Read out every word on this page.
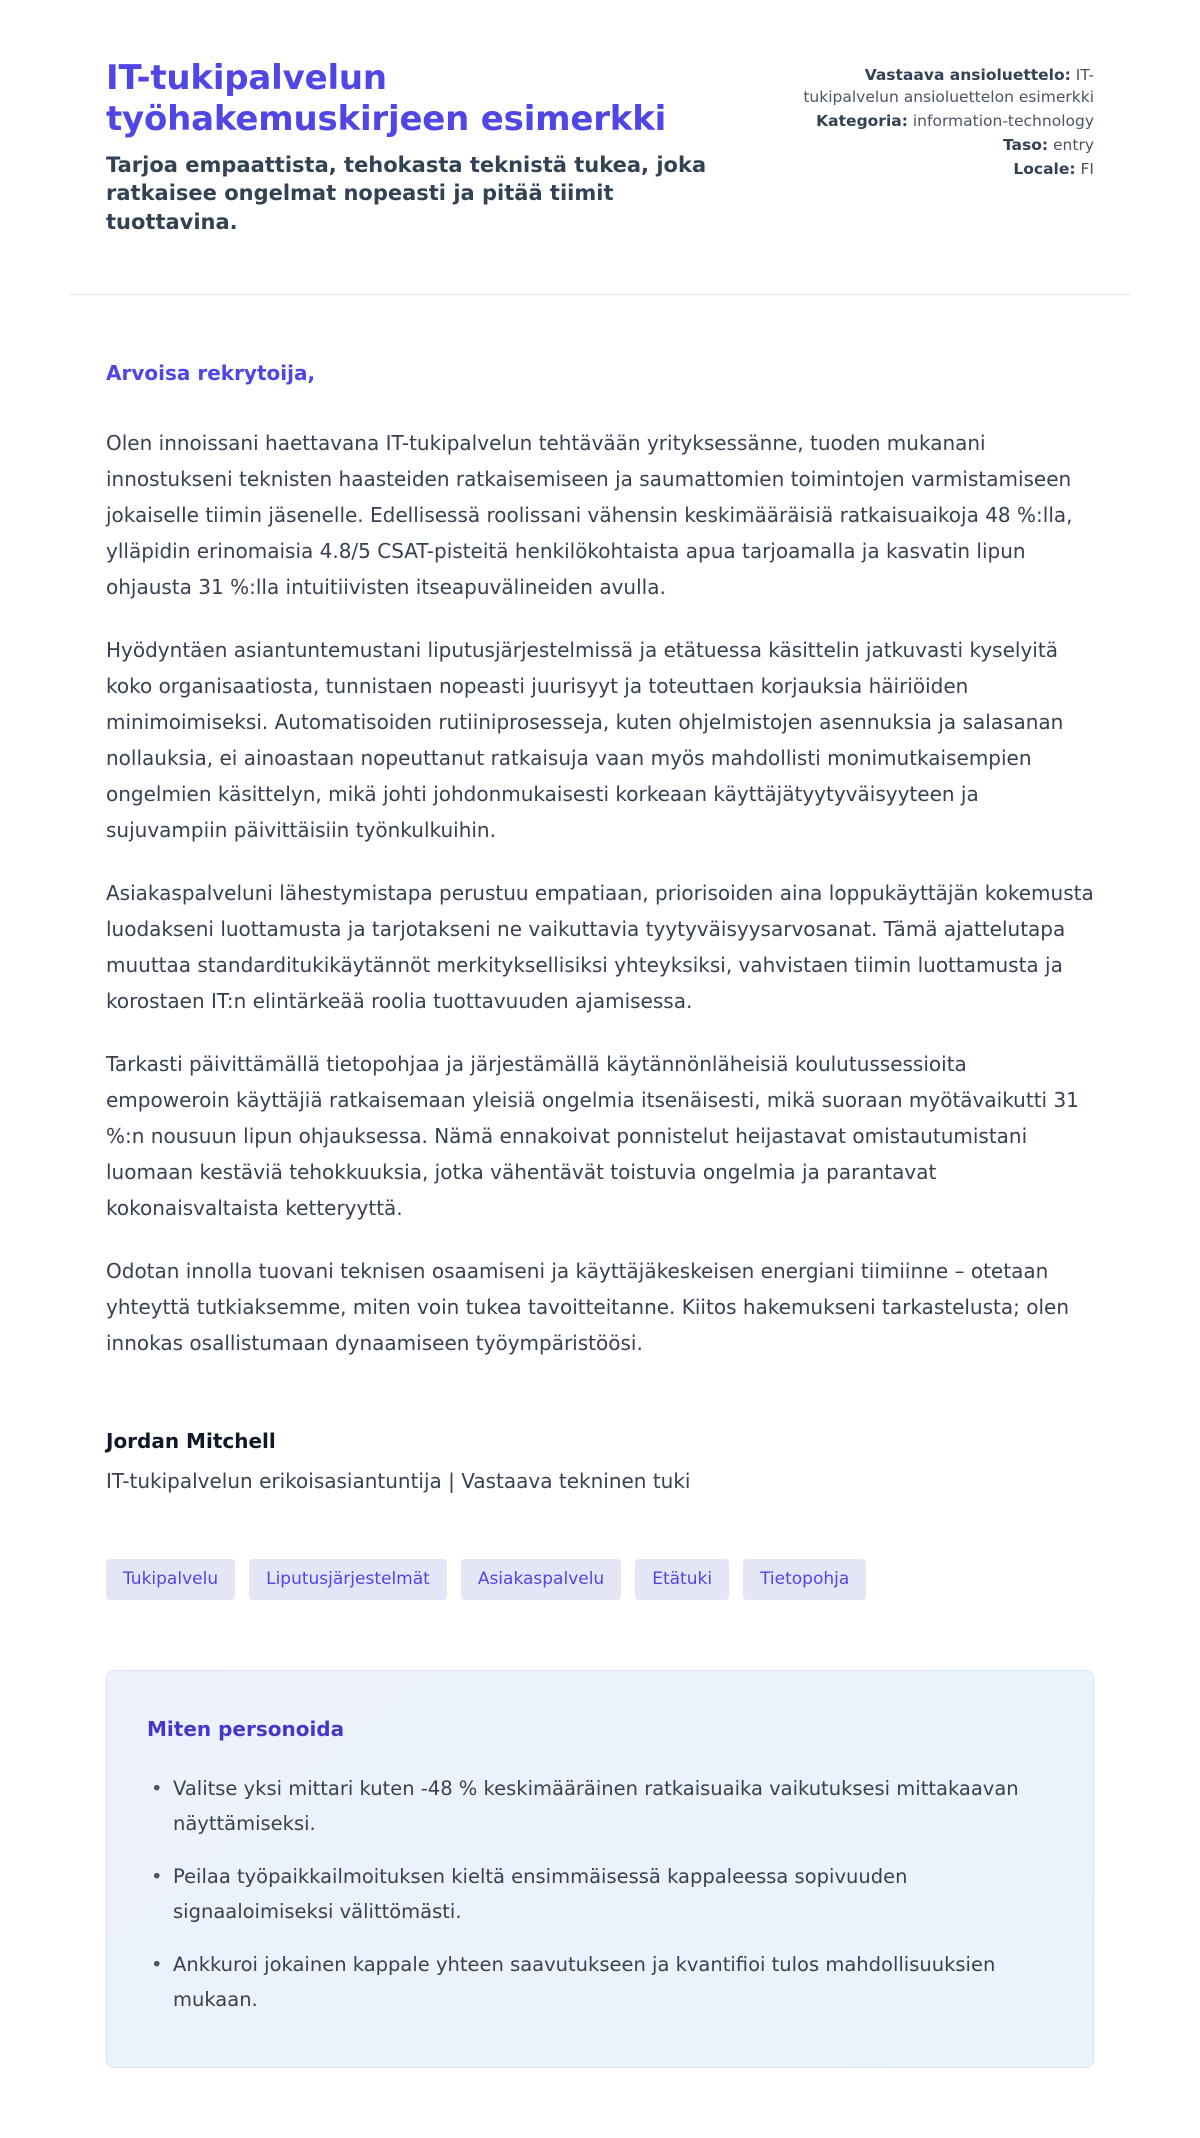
IT-tukipalvelun työhakemuskirjeen esimerkki
Tarjoa empaattista, tehokasta teknistä tukea, joka ratkaisee ongelmat nopeasti ja pitää tiimit tuottavina.
Vastaava ansioluettelo: IT-tukipalvelun ansioluettelon esimerkki
Kategoria: information-technology
Taso: entry
Locale: FI
Arvoisa rekrytoija,

Olen innoissani haettavana IT-tukipalvelun tehtävään yrityksessänne, tuoden mukanani innostukseni teknisten haasteiden ratkaisemiseen ja saumattomien toimintojen varmistamiseen jokaiselle tiimin jäsenelle. Edellisessä roolissani vähensin keskimääräisiä ratkaisuaikoja 48 %:lla, ylläpidin erinomaisia 4.8/5 CSAT-pisteitä henkilökohtaista apua tarjoamalla ja kasvatin lipun ohjausta 31 %:lla intuitiivisten itseapuvälineiden avulla.

Hyödyntäen asiantuntemustani liputusjärjestelmissä ja etätuessa käsittelin jatkuvasti kyselyitä koko organisaatiosta, tunnistaen nopeasti juurisyyt ja toteuttaen korjauksia häiriöiden minimoimiseksi. Automatisoiden rutiiniprosesseja, kuten ohjelmistojen asennuksia ja salasanan nollauksia, ei ainoastaan nopeuttanut ratkaisuja vaan myös mahdollisti monimutkaisempien ongelmien käsittelyn, mikä johti johdonmukaisesti korkeaan käyttäjätyytyväisyyteen ja sujuvampiin päivittäisiin työnkulkuihin.

Asiakaspalveluni lähestymistapa perustuu empatiaan, priorisoiden aina loppukäyttäjän kokemusta luodakseni luottamusta ja tarjotakseni ne vaikuttavia tyytyväisyysarvosanat. Tämä ajattelutapa muuttaa standarditukikäytännöt merkityksellisiksi yhteyksiksi, vahvistaen tiimin luottamusta ja korostaen IT:n elintärkeää roolia tuottavuuden ajamisessa.

Tarkasti päivittämällä tietopohjaa ja järjestämällä käytännönläheisiä koulutussessioita empoweroin käyttäjiä ratkaisemaan yleisiä ongelmia itsenäisesti, mikä suoraan myötävaikutti 31 %:n nousuun lipun ohjauksessa. Nämä ennakoivat ponnistelut heijastavat omistautumistani luomaan kestäviä tehokkuuksia, jotka vähentävät toistuvia ongelmia ja parantavat kokonaisvaltaista ketteryyttä.

Odotan innolla tuovani teknisen osaamiseni ja käyttäjäkeskeisen energiani tiimiinne – otetaan yhteyttä tutkiaksemme, miten voin tukea tavoitteitanne. Kiitos hakemukseni tarkastelusta; olen innokas osallistumaan dynaamiseen työympäristöösi.

Jordan Mitchell
IT-tukipalvelun erikoisasiantuntija | Vastaava tekninen tuki
Tukipalvelu	Liputusjärjestelmät	Asiakaspalvelu	Etätuki	Tietopohja
Miten personoida
• Valitse yksi mittari kuten -48 % keskimääräinen ratkaisuaika vaikutuksesi mittakaavan näyttämiseksi.
• Peilaa työpaikkailmoituksen kieltä ensimmäisessä kappaleessa sopivuuden signaaloimiseksi välittömästi.
• Ankkuroi jokainen kappale yhteen saavutukseen ja kvantifioi tulos mahdollisuuksien mukaan.
